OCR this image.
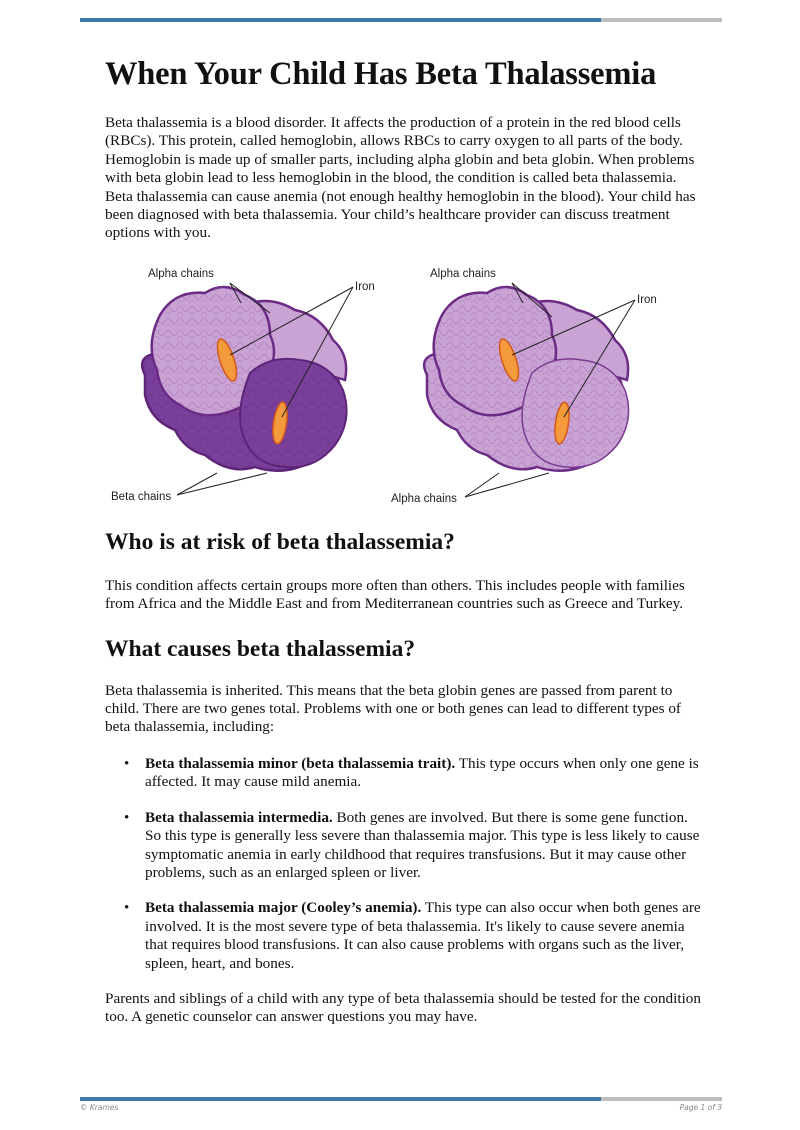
When Your Child Has Beta Thalassemia

Beta thalassemia is a blood disorder. It affects the production of a protein in the red blood cells (RBCs). This protein, called hemoglobin, allows RBCs to carry oxygen to all parts of the body. Hemoglobin is made up of smaller parts, including alpha globin and beta globin. When problems with beta globin lead to less hemoglobin in the blood, the condition is called beta thalassemia. Beta thalassemia can cause anemia (not enough healthy hemoglobin in the blood). Your child has been diagnosed with beta thalassemia. Your child’s healthcare provider can discuss treatment options with you.

Alpha chains
Iron
Beta chains
Alpha chains
Iron
Alpha chains
Who is at risk of beta thalassemia?

This condition affects certain groups more often than others. This includes people with families from Africa and the Middle East and from Mediterranean countries such as Greece and Turkey.

What causes beta thalassemia?

Beta thalassemia is inherited. This means that the beta globin genes are passed from parent to child. There are two genes total. Problems with one or both genes can lead to different types of beta thalassemia, including:

• Beta thalassemia minor (beta thalassemia trait). This type occurs when only one gene is affected. It may cause mild anemia.
• Beta thalassemia intermedia. Both genes are involved. But there is some gene function. So this type is generally less severe than thalassemia major. This type is less likely to cause symptomatic anemia in early childhood that requires transfusions. But it may cause other problems, such as an enlarged spleen or liver.
• Beta thalassemia major (Cooley’s anemia). This type can also occur when both genes are involved. It is the most severe type of beta thalassemia. It's likely to cause severe anemia that requires blood transfusions. It can also cause problems with organs such as the liver, spleen, heart, and bones.

Parents and siblings of a child with any type of beta thalassemia should be tested for the condition too. A genetic counselor can answer questions you may have.

© Krames	Page 1 of 3
